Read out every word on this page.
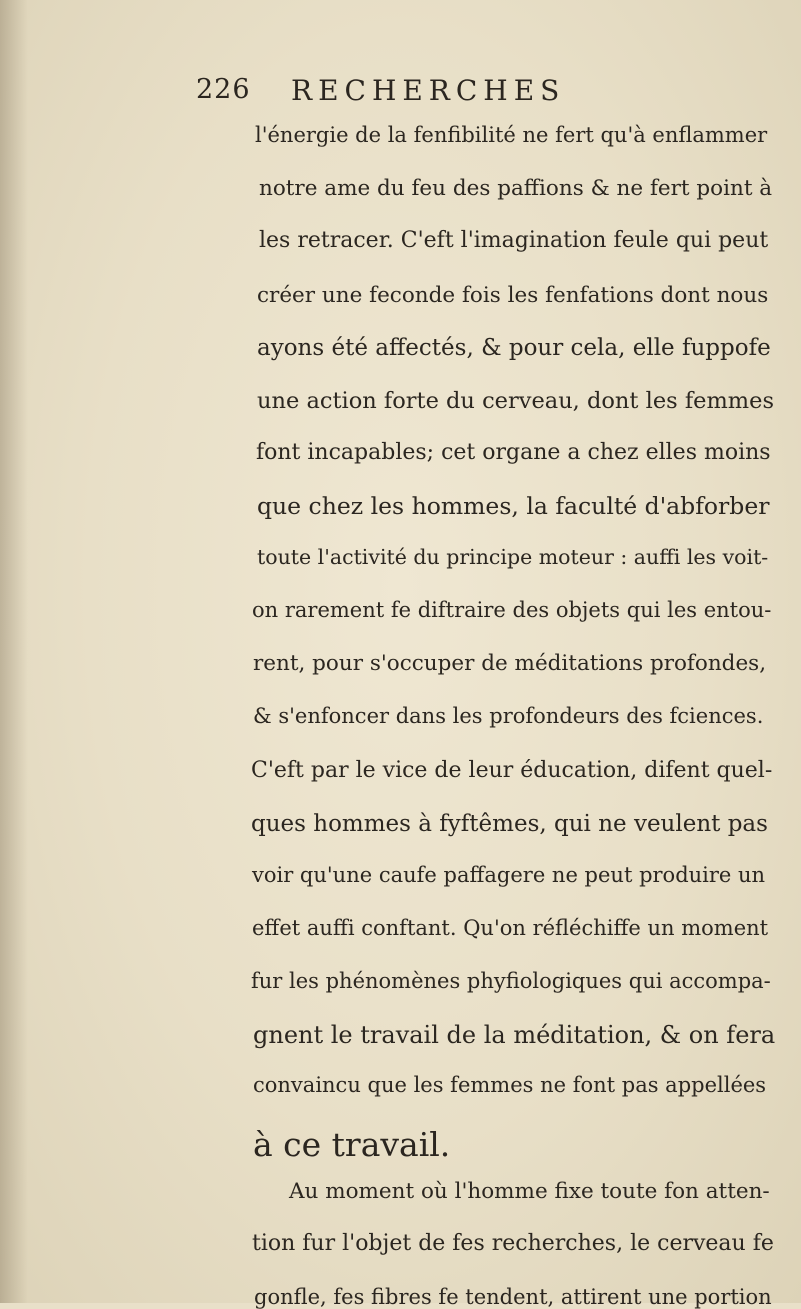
226 RECHERCHES
l'énergie de la fenfibilité ne fert qu'à enflammer
notre ame du feu des paffions & ne fert point à
les retracer. C'eft l'imagination feule qui peut
créer une feconde fois les fenfations dont nous
ayons été affectés, & pour cela, elle fuppofe
une action forte du cerveau, dont les femmes
font incapables; cet organe a chez elles moins
que chez les hommes, la faculté d'abforber
toute l'activité du principe moteur : auffi les voit-
on rarement fe diftraire des objets qui les entou-
rent, pour s'occuper de méditations profondes,
& s'enfoncer dans les profondeurs des fciences.
C'eft par le vice de leur éducation, difent quel-
ques hommes à fyftêmes, qui ne veulent pas
voir qu'une caufe paffagere ne peut produire un
effet auffi conftant. Qu'on réfléchiffe un moment
fur les phénomènes phyfiologiques qui accompa-
gnent le travail de la méditation, & on fera
convaincu que les femmes ne font pas appellées
à ce travail.
Au moment où l'homme fixe toute fon atten-
tion fur l'objet de fes recherches, le cerveau fe
gonfle, fes fibres fe tendent, attirent une portion
